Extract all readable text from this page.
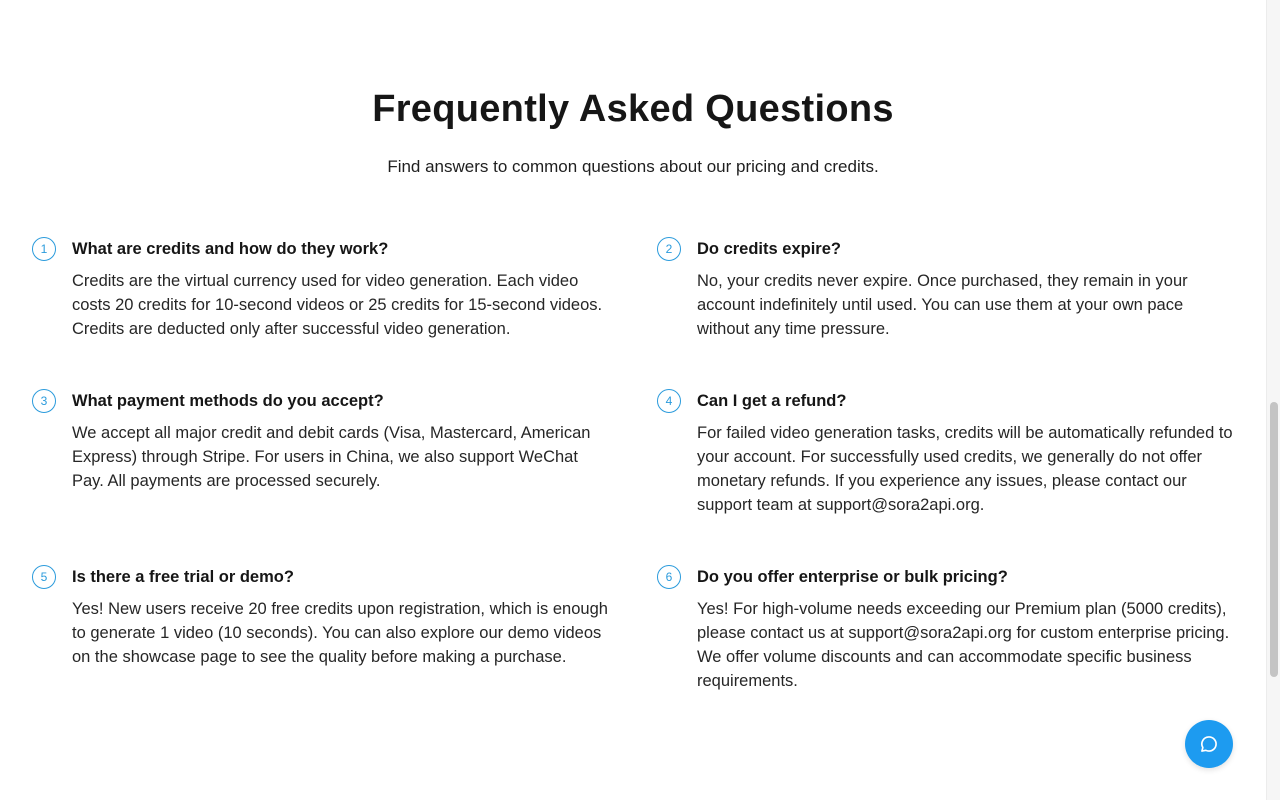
Frequently Asked Questions

Find answers to common questions about our pricing and credits.

1	What are credits and how do they work?

Credits are the virtual currency used for video generation. Each video costs 20 credits for 10-second videos or 25 credits for 15-second videos. Credits are deducted only after successful video generation.

2	Do credits expire?

No, your credits never expire. Once purchased, they remain in your account indefinitely until used. You can use them at your own pace without any time pressure.

3	What payment methods do you accept?

We accept all major credit and debit cards (Visa, Mastercard, American Express) through Stripe. For users in China, we also support WeChat Pay. All payments are processed securely.

4	Can I get a refund?

For failed video generation tasks, credits will be automatically refunded to your account. For successfully used credits, we generally do not offer monetary refunds. If you experience any issues, please contact our support team at support@sora2api.org.

5	Is there a free trial or demo?

Yes! New users receive 20 free credits upon registration, which is enough to generate 1 video (10 seconds). You can also explore our demo videos on the showcase page to see the quality before making a purchase.

6	Do you offer enterprise or bulk pricing?

Yes! For high-volume needs exceeding our Premium plan (5000 credits), please contact us at support@sora2api.org for custom enterprise pricing. We offer volume discounts and can accommodate specific business requirements.
